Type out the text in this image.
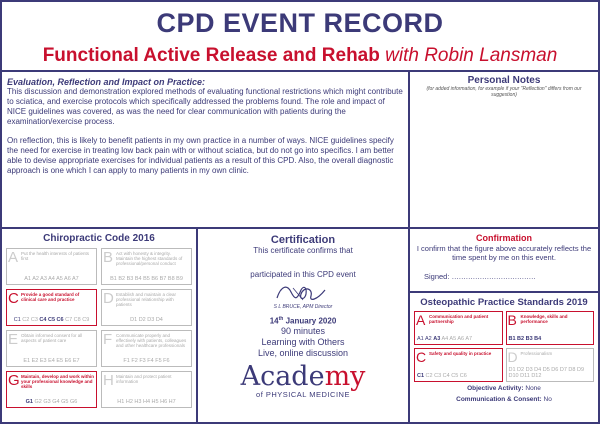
CPD EVENT RECORD
Functional Active Release and Rehab with Robin Lansman
Evaluation, Reflection and Impact on Practice:

This discussion and demonstration explored methods of evaluating functional restrictions which might contribute to sciatica, and exercise protocols which specifically addressed the problems found. The role and impact of NICE guidelines was covered, as was the need for clear communication with patients during the examination/exercise process.

On reflection, this is likely to benefit patients in my own practice in a number of ways. NICE guidelines specify the need for exercise in treating low back pain with or without sciatica, but do not go into specifics. I am better able to devise appropriate exercises for individual patients as a result of this CPD. Also, the overall diagnostic approach is one which I can apply to many patients in my own clinic.

Personal Notes
(for added information, for example if your "Reflection" differs from our suggestion)
Chiropractic Code 2016
A Put the health interests of patients first
A1 A2 A3 A4 A5 A6 A7
B Act with honesty & integrity. Maintain the highest standards of professional/personal conduct
B1 B2 B3 B4 B5 B6 B7 B8 B9
C Provide a good standard of clinical care and practice
C1 C2 C3 C4 C5 C6 C7 C8 C9
D Establish and maintain a clear professional relationship with patients
D1 D2 D3 D4
E Obtain informed consent for all aspects of patient care
E1 E2 E3 E4 E5 E6 E7
F Communicate properly and effectively with patients, colleagues and other healthcare professionals
F1 F2 F3 F4 F5 F6
G Maintain, develop and work within your professional knowledge and skills
G1 G2 G3 G4 G5 G6
H Maintain and protect patient information
H1 H2 H3 H4 H5 H6 H7
Certification
This certificate confirms that
participated in this CPD event
S L BRUCE, APM Director
14th January 2020
90 minutes
Learning with Others
Live, online discussion
Academy
of PHYSICAL MEDICINE
Confirmation
I confirm that the figure above accurately reflects the time spent by me on this event.
Signed: ………………………………
Osteopathic Practice Standards 2019
A Communication and patient partnership
A1 A2 A3 A4 A5 A6 A7
B Knowledge, skills and performance
B1 B2 B3 B4
C Safety and quality in practice
C1 C2 C3 C4 C5 C6
D Professionalism
D1 D2 D3 D4 D5 D6 D7 D8 D9 D10 D11 D12
Objective Activity: None
Communication & Consent: No
